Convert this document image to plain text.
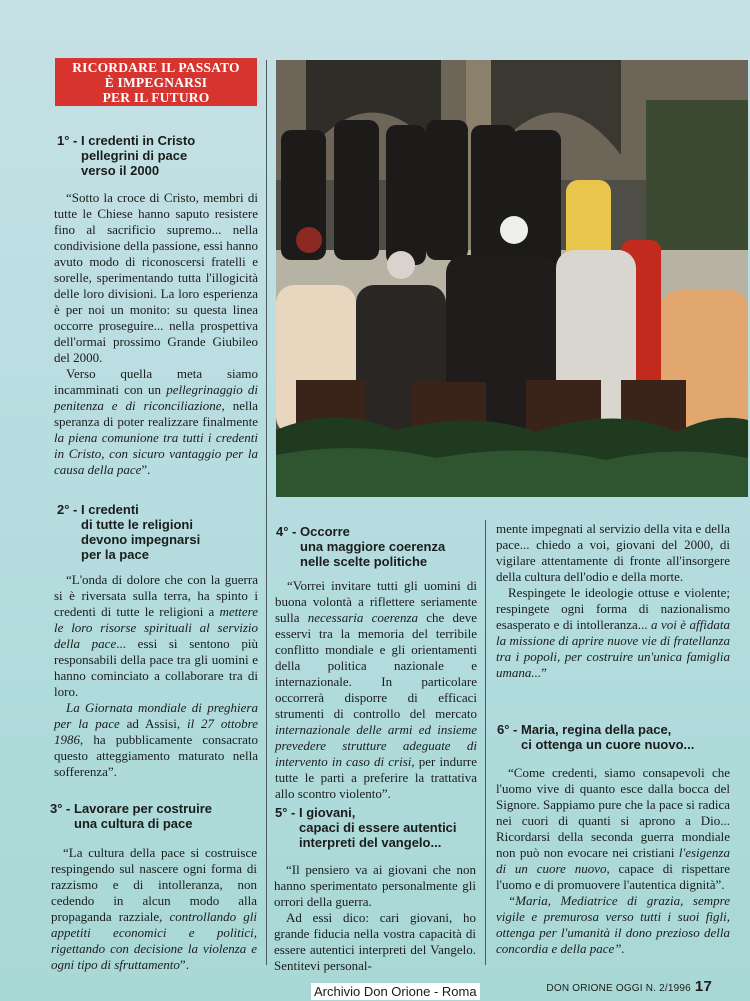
RICORDARE IL PASSATO
È IMPEGNARSI
PER IL FUTURO
1° - I credenti in Cristo
pellegrini di pace
verso il 2000

“Sotto la croce di Cristo, membri di tutte le Chiese hanno saputo resistere fino al sacrificio supremo... nella condivisione della passione, essi hanno avuto modo di riconoscersi fratelli e sorelle, sperimentando tutta l'illogicità delle loro divisioni. La loro esperienza è per noi un monito: su questa linea occorre proseguire... nella prospettiva dell'ormai prossimo Grande Giubileo del 2000.

Verso quella meta siamo incamminati con un pellegrinaggio di penitenza e di riconciliazione, nella speranza di poter realizzare finalmente la piena comunione tra tutti i credenti in Cristo, con sicuro vantaggio per la causa della pace”.

2° - I credenti
di tutte le religioni
devono impegnarsi
per la pace

“L'onda di dolore che con la guerra si è riversata sulla terra, ha spinto i credenti di tutte le religioni a mettere le loro risorse spirituali al servizio della pace... essi si sentono più responsabili della pace tra gli uomini e hanno cominciato a collaborare tra di loro.

La Giornata mondiale di preghiera per la pace ad Assisi, il 27 ottobre 1986, ha pubblicamente consacrato questo atteggiamento maturato nella sofferenza”.

3° - Lavorare per costruire
una cultura di pace

“La cultura della pace si costruisce respingendo sul nascere ogni forma di razzismo e di intolleranza, non cedendo in alcun modo alla propaganda razziale, controllando gli appetiti economici e politici, rigettando con decisione la violenza e ogni tipo di sfruttamento”.

4° - Occorre
una maggiore coerenza
nelle scelte politiche

“Vorrei invitare tutti gli uomini di buona volontà a riflettere seriamente sulla necessaria coerenza che deve esservi tra la memoria del terribile conflitto mondiale e gli orientamenti della politica nazionale e internazionale. In particolare occorrerà disporre di efficaci strumenti di controllo del mercato internazionale delle armi ed insieme prevedere strutture adeguate di intervento in caso di crisi, per indurre tutte le parti a preferire la trattativa allo scontro violento”.

5° - I giovani,
capaci di essere autentici
interpreti del vangelo...

“Il pensiero va ai giovani che non hanno sperimentato personalmente gli orrori della guerra.

Ad essi dico: cari giovani, ho grande fiducia nella vostra capacità di essere autentici interpreti del Vangelo. Sentitevi personal-

mente impegnati al servizio della vita e della pace... chiedo a voi, giovani del 2000, di vigilare attentamente di fronte all'insorgere della cultura dell'odio e della morte.

Respingete le ideologie ottuse e violente; respingete ogni forma di nazionalismo esasperato e di intolleranza... a voi è affidata la missione di aprire nuove vie di fratellanza tra i popoli, per costruire un'unica famiglia umana...”

6° - Maria, regina della pace,
ci ottenga un cuore nuovo...

“Come credenti, siamo consapevoli che l'uomo vive di quanto esce dalla bocca del Signore. Sappiamo pure che la pace si radica nei cuori di quanti si aprono a Dio... Ricordarsi della seconda guerra mondiale non può non evocare nei cristiani l'esigenza di un cuore nuovo, capace di rispettare l'uomo e di promuovere l'autentica dignità”.

“Maria, Mediatrice di grazia, sempre vigile e premurosa verso tutti i suoi figli, ottenga per l'umanità il dono prezioso della concordia e della pace”.

DON ORIONE OGGI N. 2/1996 17
Archivio Don Orione - Roma
